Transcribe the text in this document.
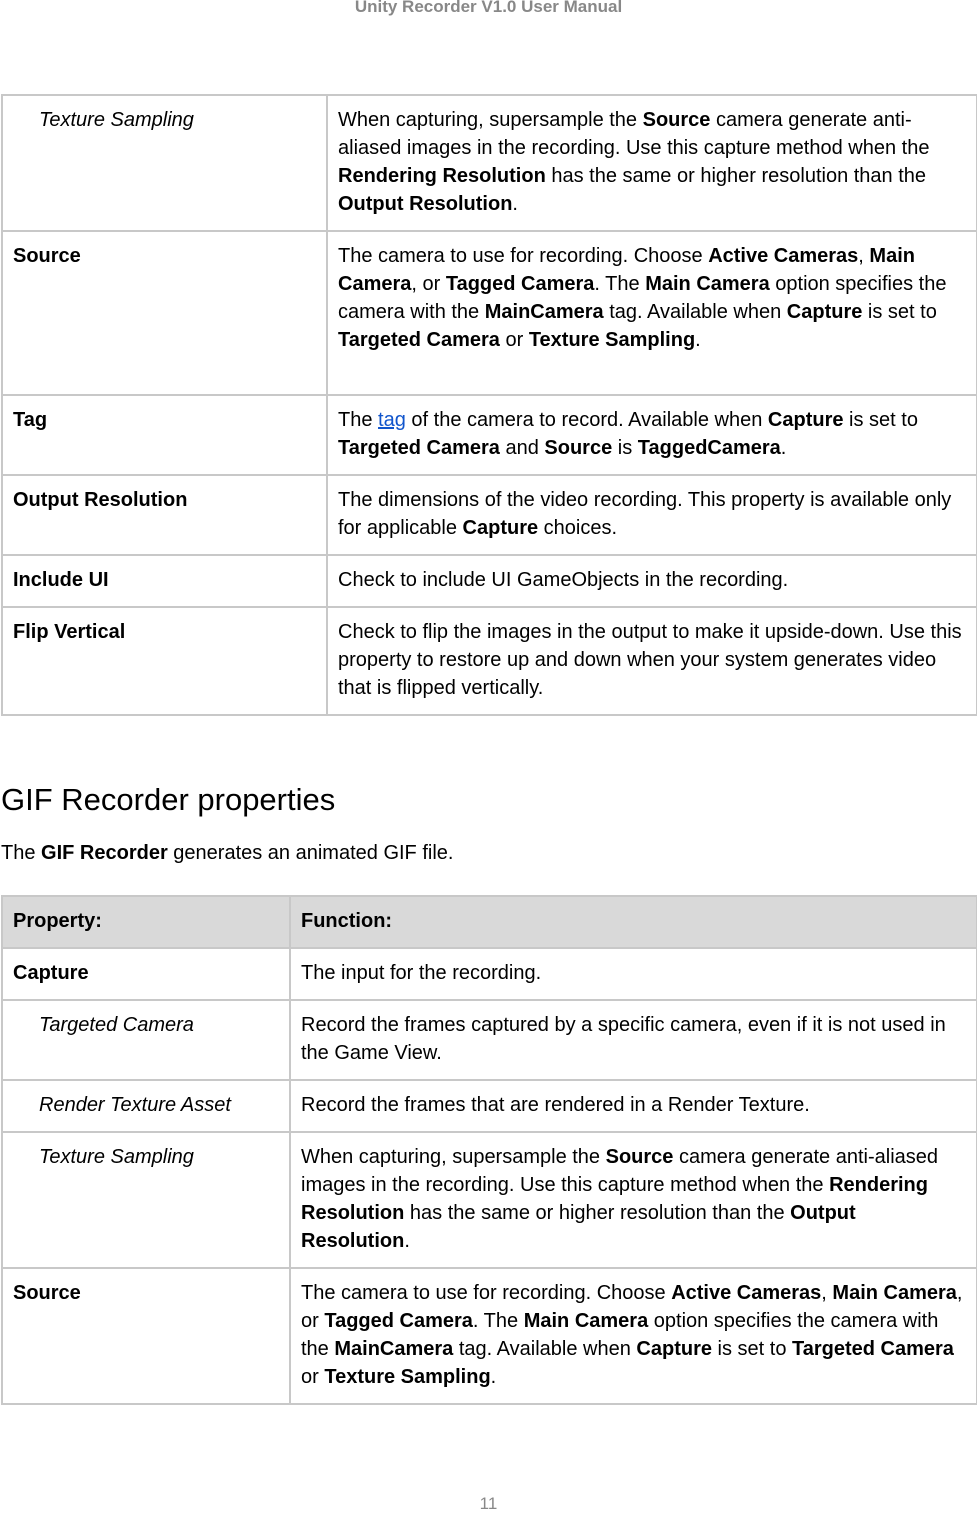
Unity Recorder V1.0 User Manual
Texture Sampling	When capturing, supersample the Source camera generate anti-aliased images in the recording. Use this capture method when the Rendering Resolution has the same or higher resolution than the Output Resolution.
Source	The camera to use for recording. Choose Active Cameras, Main Camera, or Tagged Camera. The Main Camera option specifies the camera with the MainCamera tag. Available when Capture is set to Targeted Camera or Texture Sampling.
Tag	The tag of the camera to record. Available when Capture is set to Targeted Camera and Source is TaggedCamera.
Output Resolution	The dimensions of the video recording. This property is available only for applicable Capture choices.
Include UI	Check to include UI GameObjects in the recording.
Flip Vertical	Check to flip the images in the output to make it upside-down. Use this property to restore up and down when your system generates video that is flipped vertically.
GIF Recorder properties

The GIF Recorder generates an animated GIF file.

Property:	Function:
Capture	The input for the recording.
Targeted Camera	Record the frames captured by a specific camera, even if it is not used in the Game View.
Render Texture Asset	Record the frames that are rendered in a Render Texture.
Texture Sampling	When capturing, supersample the Source camera generate anti-aliased images in the recording. Use this capture method when the Rendering Resolution has the same or higher resolution than the Output Resolution.
Source	The camera to use for recording. Choose Active Cameras, Main Camera, or Tagged Camera. The Main Camera option specifies the camera with the MainCamera tag. Available when Capture is set to Targeted Camera or Texture Sampling.
11
